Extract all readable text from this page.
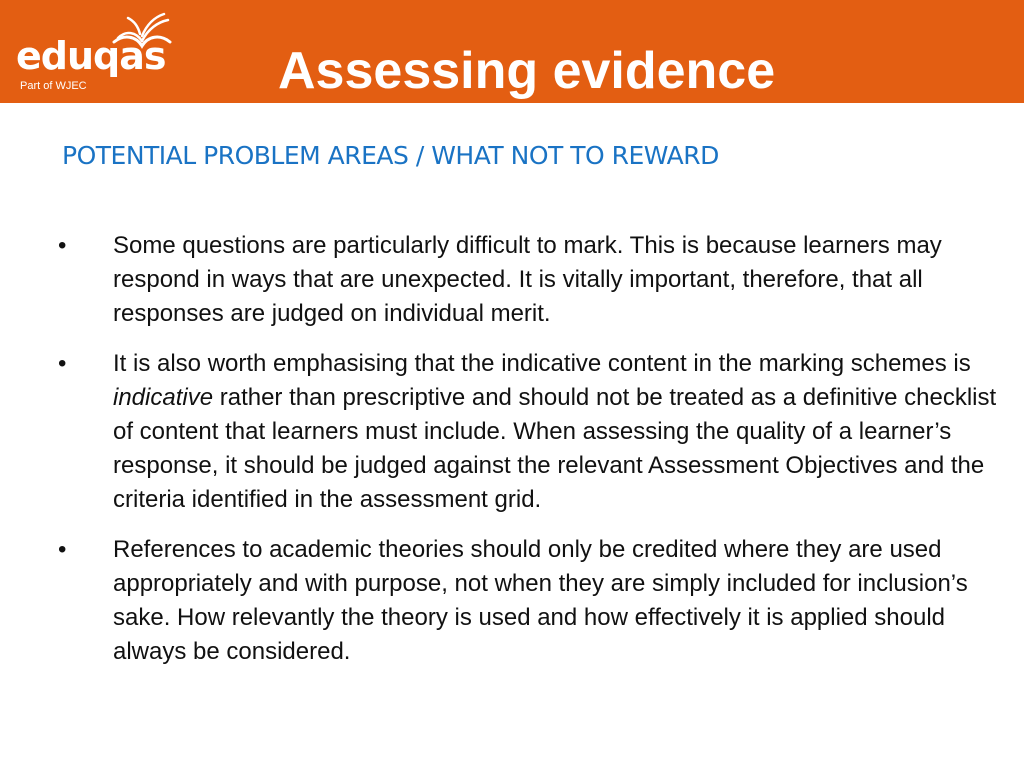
eduqas
Part of WJEC	Assessing evidence
POTENTIAL PROBLEM AREAS / WHAT NOT TO REWARD
• Some questions are particularly difficult to mark. This is because learners may respond in ways that are unexpected. It is vitally important, therefore, that all responses are judged on individual merit.
• It is also worth emphasising that the indicative content in the marking schemes is indicative rather than prescriptive and should not be treated as a definitive checklist of content that learners must include. When assessing the quality of a learner’s response, it should be judged against the relevant Assessment Objectives and the criteria identified in the assessment grid.
• References to academic theories should only be credited where they are used appropriately and with purpose, not when they are simply included for inclusion’s sake. How relevantly the theory is used and how effectively it is applied should always be considered.
